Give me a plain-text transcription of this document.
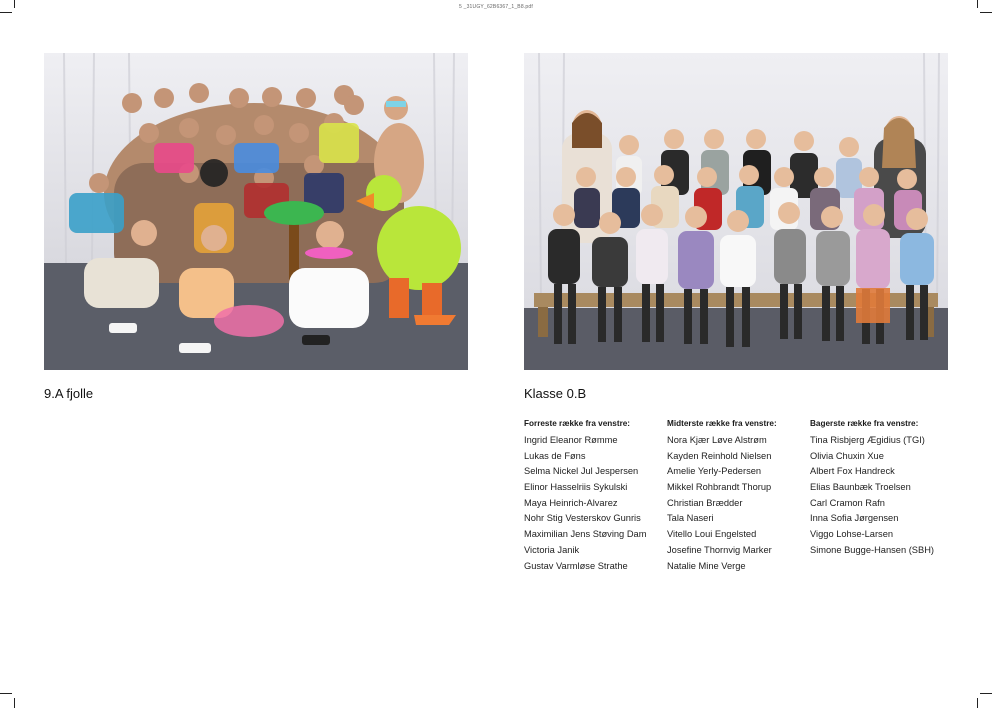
5 _31UGY_62B6367_1_B8.pdf
9.A fjolle	Klasse 0.B
Forreste række fra venstre:
Ingrid Eleanor Rømme
Lukas de Føns
Selma Nickel Jul Jespersen
Elinor Hasselriis Sykulski
Maya Heinrich-Alvarez
Nohr Stig Vesterskov Gunris
Maximilian Jens Støving Dam
Victoria Janik
Gustav Varmløse Strathe
Midterste række fra venstre:
Nora Kjær Løve Alstrøm
Kayden Reinhold Nielsen
Amelie Yerly-Pedersen
Mikkel Rohbrandt Thorup
Christian Brædder
Tala Naseri
Vitello Loui Engelsted
Josefine Thornvig Marker
Natalie Mine Verge
Bagerste række fra venstre:
Tina Risbjerg Ægidius (TGI)
Olivia Chuxin Xue
Albert Fox Handreck
Elias Baunbæk Troelsen
Carl Cramon Rafn
Inna Sofia Jørgensen
Viggo Lohse-Larsen
Simone Bugge-Hansen (SBH)
